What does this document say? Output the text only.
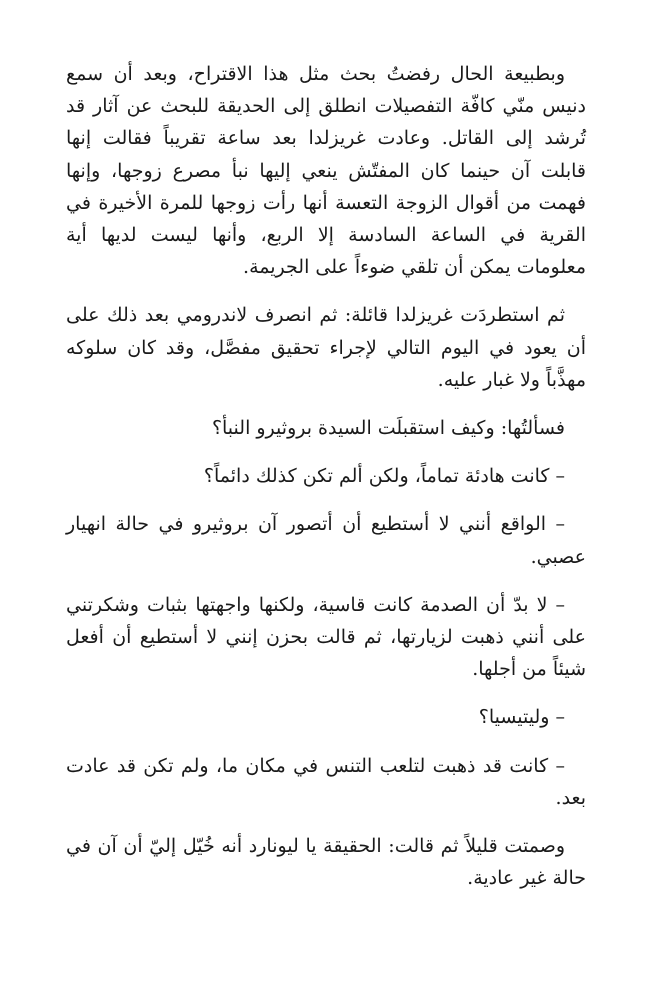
وبطبيعة الحال رفضتُ بحث مثل هذا الاقتراح، وبعد أن سمع دنيس منّي كافّة التفصيلات انطلق إلى الحديقة للبحث عن آثار قد تُرشد إلى القاتل. وعادت غريزلدا بعد ساعة تقريباً فقالت إنها قابلت آن حينما كان المفتّش ينعي إليها نبأ مصرع زوجها، وإنها فهمت من أقوال الزوجة التعسة أنها رأت زوجها للمرة الأخيرة في القرية في الساعة السادسة إلا الربع، وأنها ليست لديها أية معلومات يمكن أن تلقي ضوءاً على الجريمة.

ثم استطردَت غريزلدا قائلة: ثم انصرف لاندرومي بعد ذلك على أن يعود في اليوم التالي لإجراء تحقيق مفصَّل، وقد كان سلوكه مهذَّباً ولا غبار عليه.

فسألتُها: وكيف استقبلَت السيدة بروثيرو النبأ؟

– كانت هادئة تماماً، ولكن ألم تكن كذلك دائماً؟

– الواقع أنني لا أستطيع أن أتصور آن بروثيرو في حالة انهيار عصبي.

– لا بدّ أن الصدمة كانت قاسية، ولكنها واجهتها بثبات وشكرتني على أنني ذهبت لزيارتها، ثم قالت بحزن إنني لا أستطيع أن أفعل شيئاً من أجلها.

– وليتيسيا؟

– كانت قد ذهبت لتلعب التنس في مكان ما، ولم تكن قد عادت بعد.

وصمتت قليلاً ثم قالت: الحقيقة يا ليونارد أنه خُيّل إليّ أن آن في حالة غير عادية.
